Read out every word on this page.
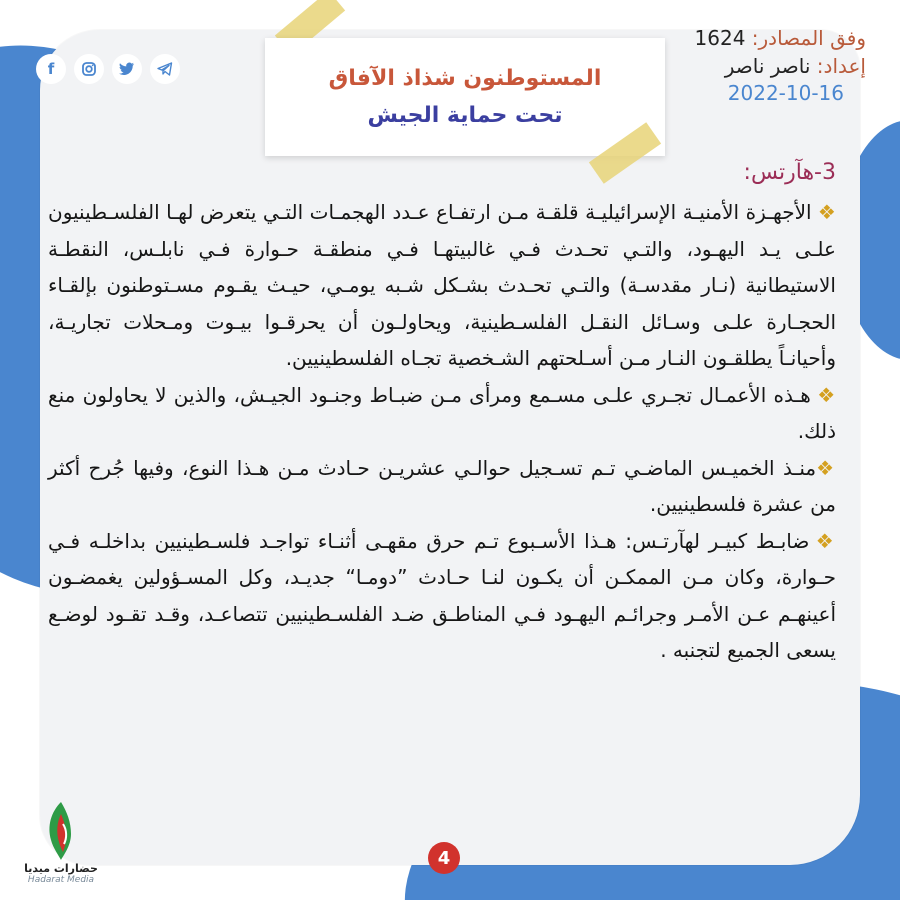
f	المستوطنون شذاذ الآفاق
تحت حماية الجيش
وفق المصادر: 1624
إعداد: ناصر ناصر
2022-10-16
3-هآرتس:

❖ الأجهـزة الأمنيـة الإسرائيليـة قلقـة مـن ارتفـاع عـدد الهجمـات التـي يتعرض لهـا الفلسـطينيون علـى يـد اليهـود، والتـي تحـدث فـي غالبيتهـا فـي منطقـة حـوارة فـي نابلـس، النقطـة الاستيطانية (نـار مقدسـة) والتـي تحـدث بشـكل شـبه يومـي، حيـث يقـوم مسـتوطنون بإلقـاء الحجـارة علـى وسـائل النقـل الفلسـطينية، ويحاولـون أن يحرقـوا بيـوت ومـحلات تجاريـة، وأحيانـاً يطلقـون النـار مـن أسـلحتهم الشـخصية تجـاه الفلسطينيين.

❖ هـذه الأعمـال تجـري علـى مسـمع ومرأى مـن ضبـاط وجنـود الجيـش، والذين لا يحاولون منع ذلك.

❖منـذ الخميـس الماضـي تـم تسـجيل حوالـي عشريـن حـادث مـن هـذا النوع، وفيها جُرح أكثر من عشرة فلسطينيين.

❖ ضابـط كبيـر لهآرتـس: هـذا الأسـبوع تـم حرق مقهـى أثنـاء تواجـد فلسـطينيين بداخلـه فـي حـوارة، وكان مـن الممكـن أن يكـون لنـا حـادث ”دومـا“ جديـد، وكل المسـؤولين يغمضـون أعينهـم عـن الأمـر وجرائـم اليهـود فـي المناطـق ضـد الفلسـطينيين تتصاعـد، وقـد تقـود لوضـع يسعى الجميع لتجنبه .

4
حضارات ميديا
Hadarat Media
